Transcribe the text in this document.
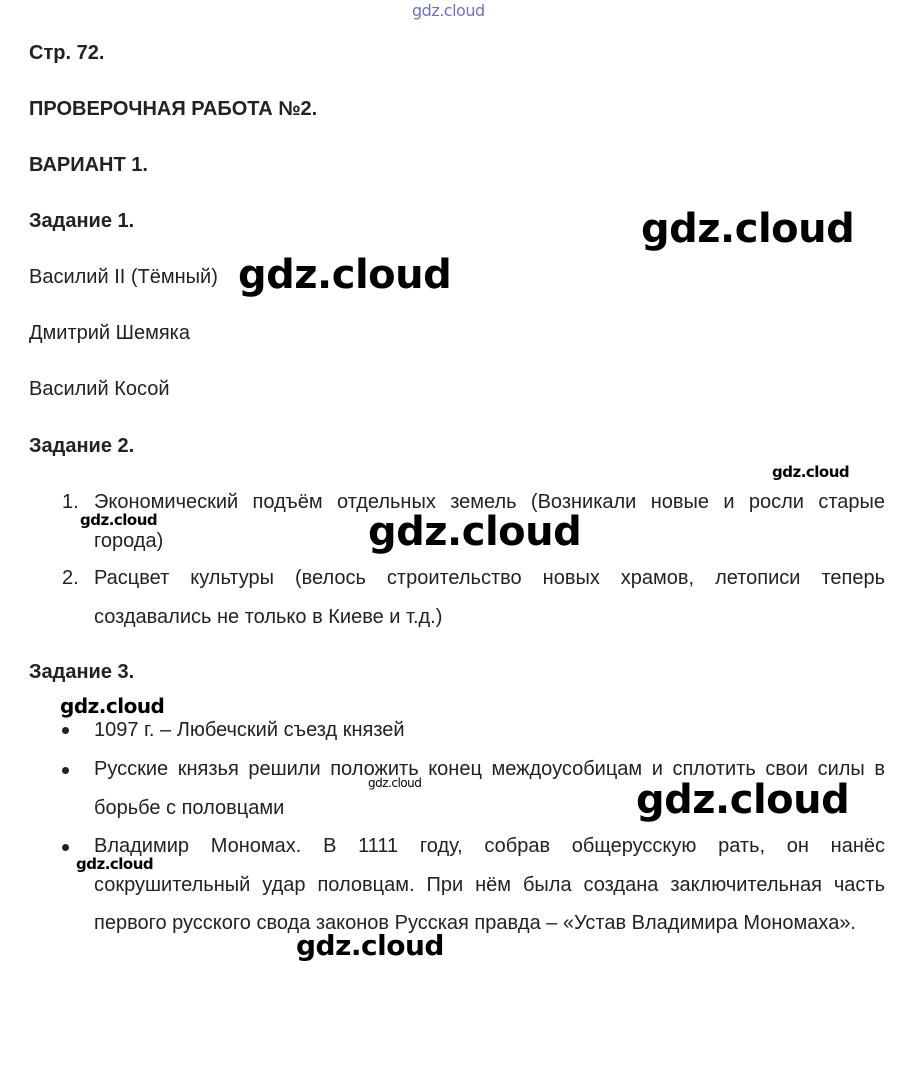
gdz.cloud
Стр. 72.
ПРОВЕРОЧНАЯ РАБОТА №2.
ВАРИАНТ 1.
Задание 1.
Василий II (Тёмный)
Дмитрий Шемяка
Василий Косой
Задание 2.
1. Экономический подъём отдельных земель (Возникали новые и росли старые города)
2. Расцвет культуры (велось строительство новых храмов, летописи теперь создавались не только в Киеве и т.д.)
Задание 3.
1097 г. – Любечский съезд князей
Русские князья решили положить конец междоусобицам и сплотить свои силы в борьбе с половцами
Владимир Мономах. В 1111 году, собрав общерусскую рать, он нанёс сокрушительный удар половцам. При нём была создана заключительная часть первого русского свода законов Русская правда – «Устав Владимира Мономаха».
gdz.cloud
gdz.cloud
gdz.cloud
gdz.cloud	gdz.cloud
gdz.cloud
gdz.cloud	gdz.cloud
gdz.cloud
gdz.cloud
